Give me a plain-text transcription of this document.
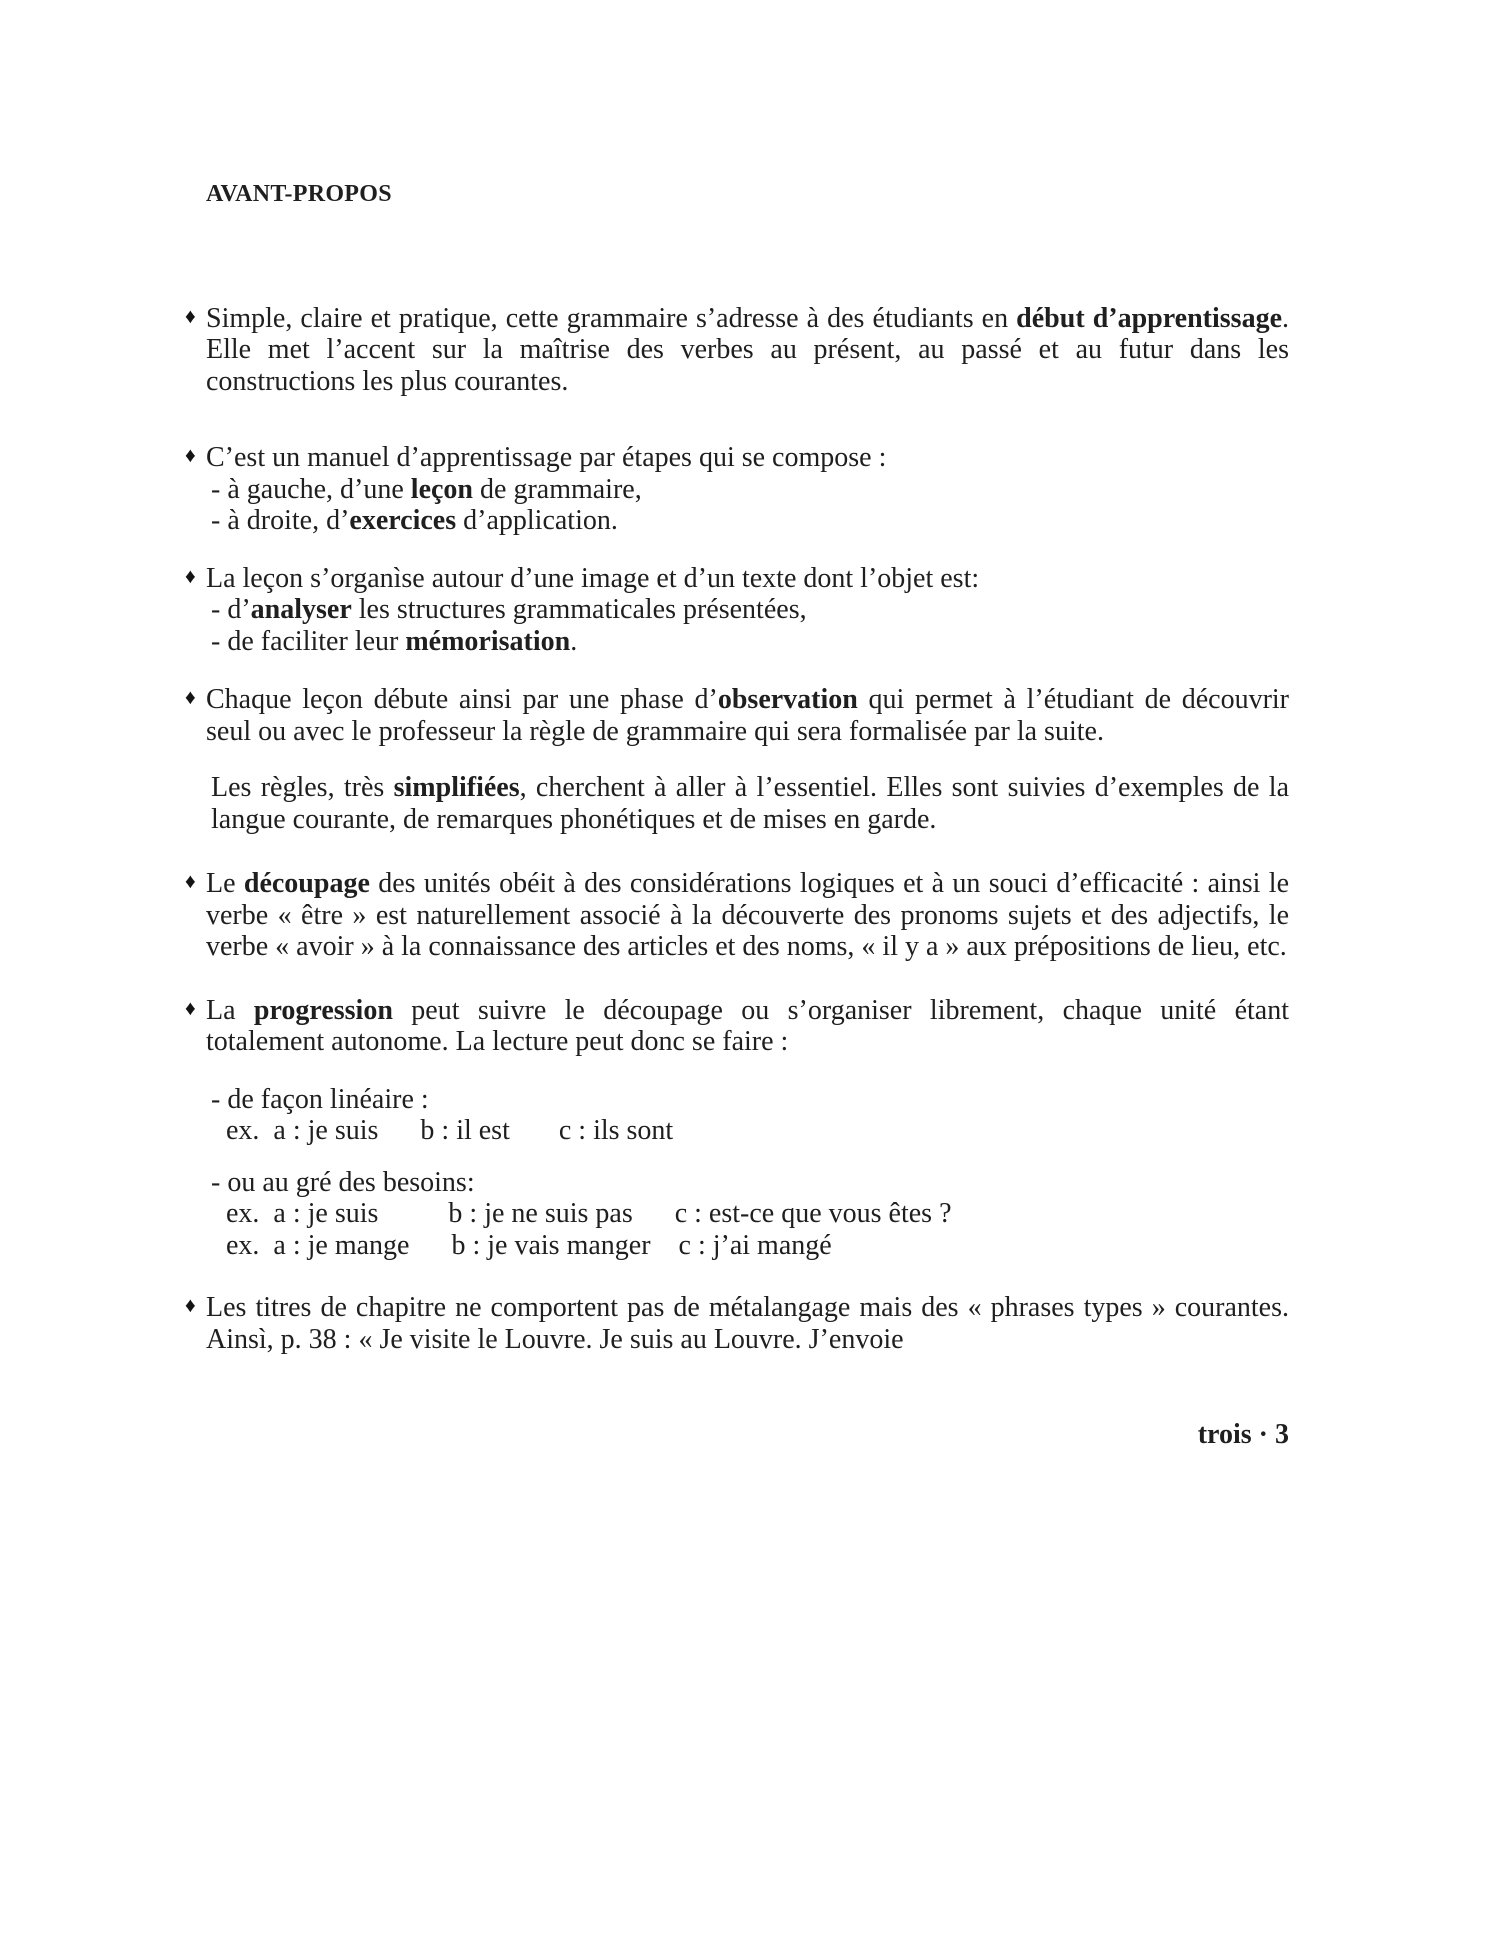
AVANT-PROPOS
♦ Simple, claire et pratique, cette grammaire s’adresse à des étudiants en début d’apprentissage. Elle met l’accent sur la maîtrise des verbes au présent, au passé et au futur dans les constructions les plus courantes.

♦ C’est un manuel d’apprentissage par étapes qui se compose :

- à gauche, d’une leçon de grammaire,

- à droite, d’exercices d’application.

♦ La leçon s’organìse autour d’une image et d’un texte dont l’objet est:

- d’analyser les structures grammaticales présentées,

- de faciliter leur mémorisation.

♦ Chaque leçon débute ainsi par une phase d’observation qui permet à l’étudiant de découvrir seul ou avec le professeur la règle de grammaire qui sera formalisée par la suite.

Les règles, très simplifiées, cherchent à aller à l’essentiel. Elles sont suivies d’exemples de la langue courante, de remarques phonétiques et de mises en garde.

♦ Le découpage des unités obéit à des considérations logiques et à un souci d’efficacité : ainsi le verbe « être » est naturellement associé à la découverte des pronoms sujets et des adjectifs, le verbe « avoir » à la connaissance des articles et des noms, « il y a » aux prépositions de lieu, etc.

♦ La progression peut suivre le découpage ou s’organiser librement, chaque unité étant totalement autonome. La lecture peut donc se faire :

- de façon linéaire :

ex.  a : je suis      b : il est       c : ils sont

- ou au gré des besoins:

ex.  a : je suis          b : je ne suis pas      c : est-ce que vous êtes ?

ex.  a : je mange      b : je vais manger    c : j’ai mangé

♦ Les titres de chapitre ne comportent pas de métalangage mais des « phrases types » courantes. Ainsì, p. 38 : « Je visite le Louvre. Je suis au Louvre. J’envoie

trois · 3
